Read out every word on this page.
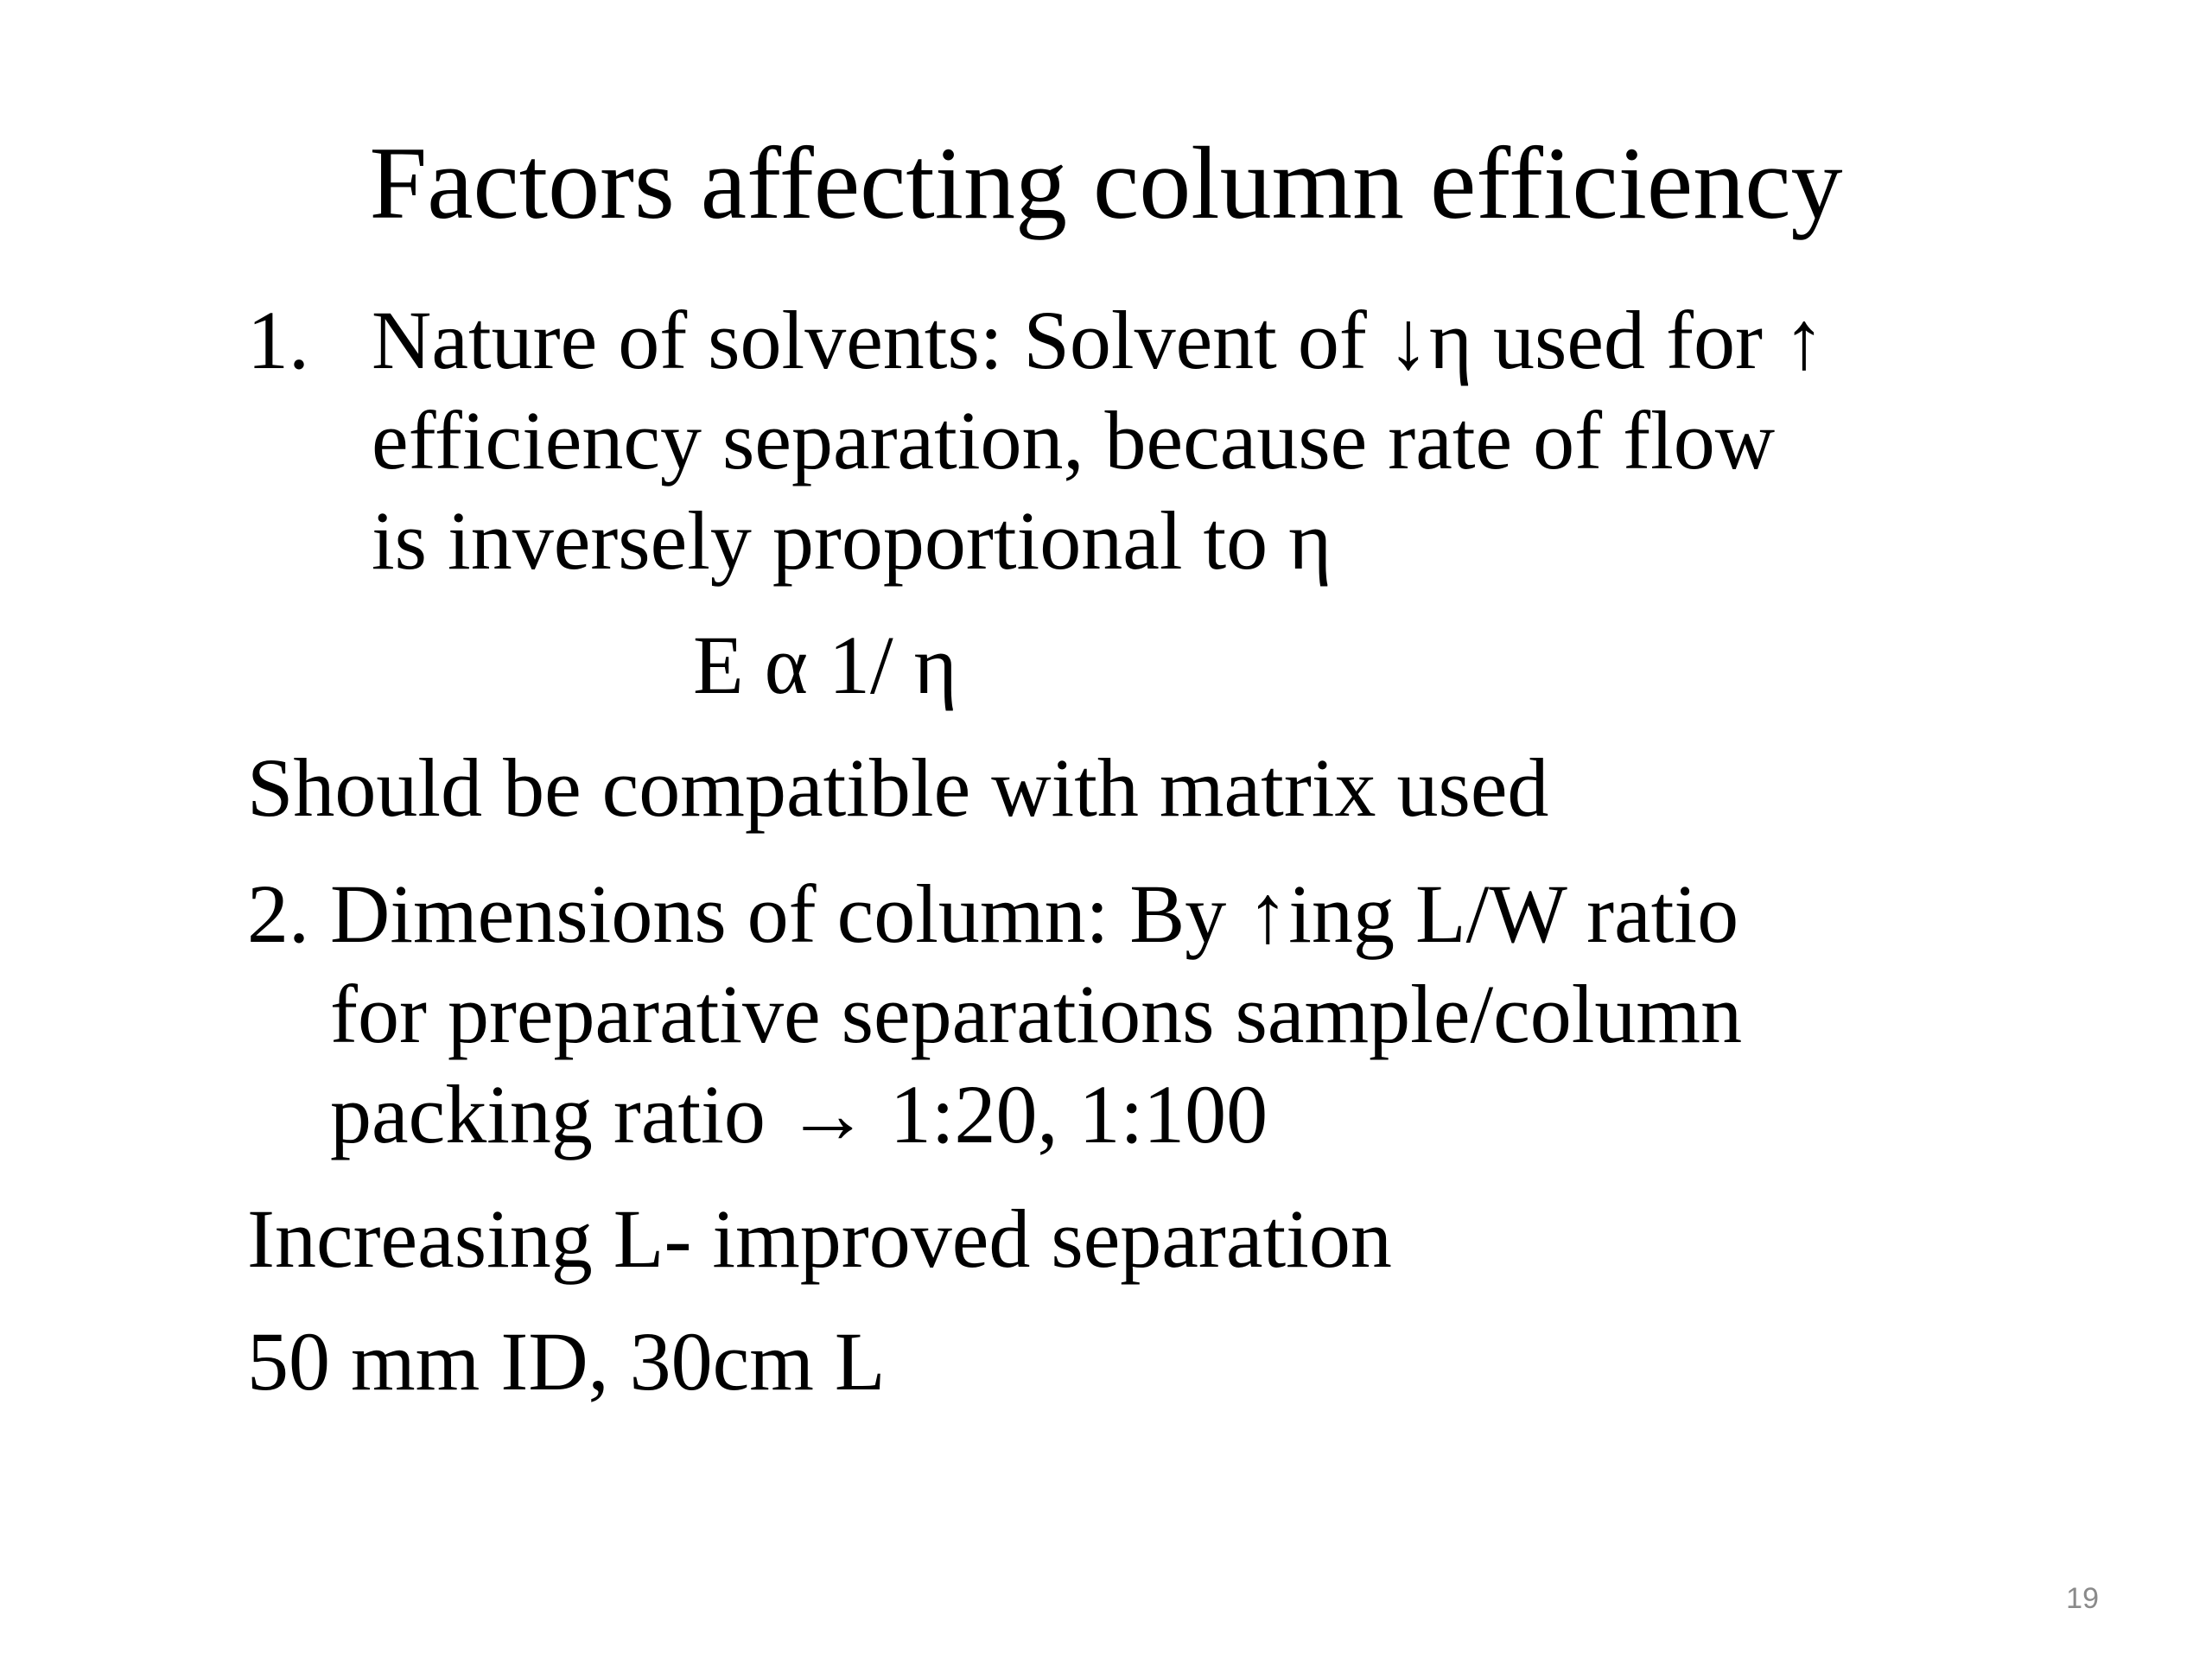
Factors affecting column efficiency
1. Nature of solvents: Solvent of ↓η used for ↑
efficiency separation, because rate of flow
is inversely proportional to η
E α 1/ η
Should be compatible with matrix used
2. Dimensions of column: By ↑ing L/W ratio
for preparative separations sample/column
packing ratio → 1:20, 1:100
Increasing L- improved separation
50 mm ID, 30cm L
19
